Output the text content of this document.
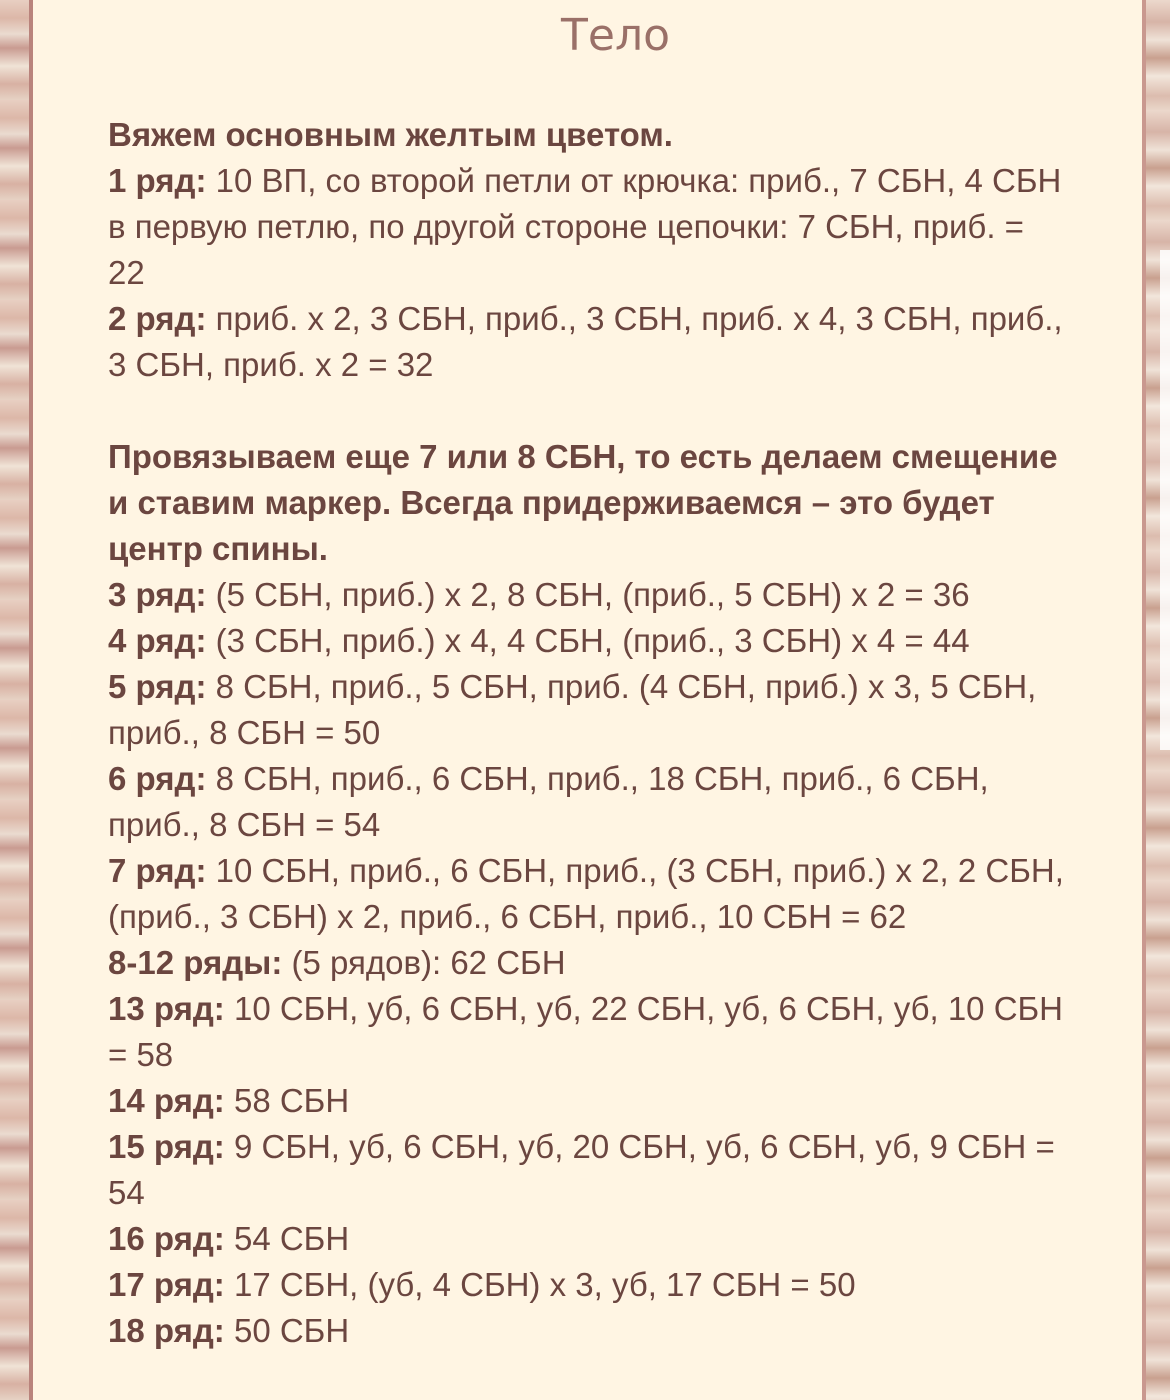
Тело

Вяжем основным желтым цветом.

1 ряд: 10 ВП, со второй петли от крючка: приб., 7 СБН, 4 СБН в первую петлю, по другой стороне цепочки: 7 СБН, приб. = 22

2 ряд: приб. x 2, 3 СБН, приб., 3 СБН, приб. x 4, 3 СБН, приб., 3 СБН, приб. x 2 = 32

Провязываем еще 7 или 8 СБН, то есть делаем смещение и ставим маркер. Всегда придерживаемся – это будет

центр спины.

3 ряд: (5 СБН, приб.) x 2, 8 СБН, (приб., 5 СБН) x 2 = 36

4 ряд: (3 СБН, приб.) x 4, 4 СБН, (приб., 3 СБН) x 4 = 44

5 ряд: 8 СБН, приб., 5 СБН, приб. (4 СБН, приб.) x 3, 5 СБН, приб., 8 СБН = 50

6 ряд: 8 СБН, приб., 6 СБН, приб., 18 СБН, приб., 6 СБН, приб., 8 СБН = 54

7 ряд: 10 СБН, приб., 6 СБН, приб., (3 СБН, приб.) x 2, 2 СБН, (приб., 3 СБН) x 2, приб., 6 СБН, приб., 10 СБН = 62

8-12 ряды: (5 рядов): 62 СБН

13 ряд: 10 СБН, уб, 6 СБН, уб, 22 СБН, уб, 6 СБН, уб, 10 СБН = 58

14 ряд: 58 СБН

15 ряд: 9 СБН, уб, 6 СБН, уб, 20 СБН, уб, 6 СБН, уб, 9 СБН = 54

16 ряд: 54 СБН

17 ряд: 17 СБН, (уб, 4 СБН) x 3, уб, 17 СБН = 50

18 ряд: 50 СБН
